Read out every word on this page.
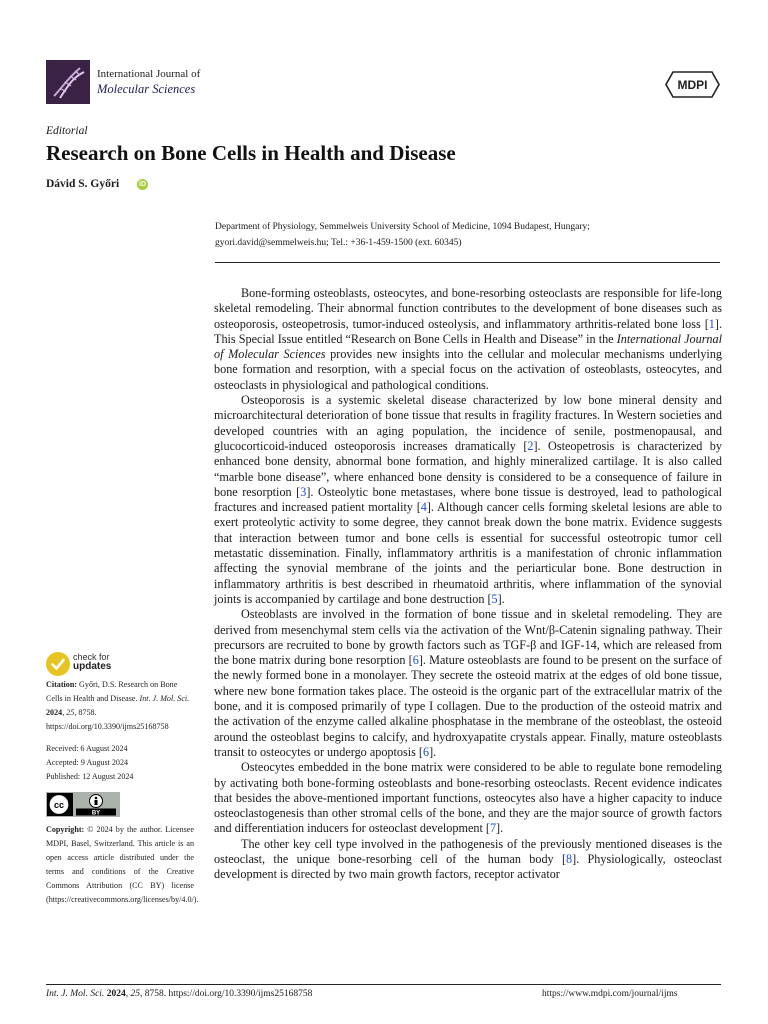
International Journal of
Molecular Sciences	MDPI
Editorial
Research on Bone Cells in Health and Disease
Dávid S. Győri	iD
Department of Physiology, Semmelweis University School of Medicine, 1094 Budapest, Hungary;
gyori.david@semmelweis.hu; Tel.: +36-1-459-1500 (ext. 60345)

Bone-forming osteoblasts, osteocytes, and bone-resorbing osteoclasts are responsible for life-long skeletal remodeling. Their abnormal function contributes to the development of bone diseases such as osteoporosis, osteopetrosis, tumor-induced osteolysis, and inflammatory arthritis-related bone loss [1]. This Special Issue entitled “Research on Bone Cells in Health and Disease” in the International Journal of Molecular Sciences provides new insights into the cellular and molecular mechanisms underlying bone formation and resorption, with a special focus on the activation of osteoblasts, osteocytes, and osteoclasts in physiological and pathological conditions.

Osteoporosis is a systemic skeletal disease characterized by low bone mineral density and microarchitectural deterioration of bone tissue that results in fragility fractures. In Western societies and developed countries with an aging population, the incidence of senile, postmenopausal, and glucocorticoid-induced osteoporosis increases dramatically [2]. Osteopetrosis is characterized by enhanced bone density, abnormal bone formation, and highly mineralized cartilage. It is also called “marble bone disease”, where enhanced bone density is considered to be a consequence of failure in bone resorption [3]. Osteolytic bone metastases, where bone tissue is destroyed, lead to pathological fractures and increased patient mortality [4]. Although cancer cells forming skeletal lesions are able to exert proteolytic activity to some degree, they cannot break down the bone matrix. Evidence suggests that interaction between tumor and bone cells is essential for successful osteotropic tumor cell metastatic dissemination. Finally, inflammatory arthritis is a manifestation of chronic inflammation affecting the synovial membrane of the joints and the periarticular bone. Bone destruction in inflammatory arthritis is best described in rheumatoid arthritis, where inflammation of the synovial joints is accompanied by cartilage and bone destruction [5].

Osteoblasts are involved in the formation of bone tissue and in skeletal remodeling. They are derived from mesenchymal stem cells via the activation of the Wnt/β-Catenin signaling pathway. Their precursors are recruited to bone by growth factors such as TGF-β and IGF-14, which are released from the bone matrix during bone resorption [6]. Mature osteoblasts are found to be present on the surface of the newly formed bone in a monolayer. They secrete the osteoid matrix at the edges of old bone tissue, where new bone formation takes place. The osteoid is the organic part of the extracellular matrix of the bone, and it is composed primarily of type I collagen. Due to the production of the osteoid matrix and the activation of the enzyme called alkaline phosphatase in the membrane of the osteoblast, the osteoid around the osteoblast begins to calcify, and hydroxyapatite crystals appear. Finally, mature osteoblasts transit to osteocytes or undergo apoptosis [6].

Osteocytes embedded in the bone matrix were considered to be able to regulate bone remodeling by activating both bone-forming osteoblasts and bone-resorbing osteoclasts. Recent evidence indicates that besides the above-mentioned important functions, osteocytes also have a higher capacity to induce osteoclastogenesis than other stromal cells of the bone, and they are the major source of growth factors and differentiation inducers for osteoclast development [7].

The other key cell type involved in the pathogenesis of the previously mentioned diseases is the osteoclast, the unique bone-resorbing cell of the human body [8]. Physiologically, osteoclast development is directed by two main growth factors, receptor activator

check for
updates
Citation: Győri, D.S. Research on Bone Cells in Health and Disease. Int. J. Mol. Sci. 2024, 25, 8758. https://doi.org/10.3390/ijms25168758
Received: 6 August 2024
Accepted: 9 August 2024
Published: 12 August 2024
cc
BY
Copyright: © 2024 by the author. Licensee MDPI, Basel, Switzerland. This article is an open access article distributed under the terms and conditions of the Creative Commons Attribution (CC BY) license (https://creativecommons.org/licenses/by/4.0/).
Int. J. Mol. Sci. 2024, 25, 8758. https://doi.org/10.3390/ijms25168758	https://www.mdpi.com/journal/ijms
